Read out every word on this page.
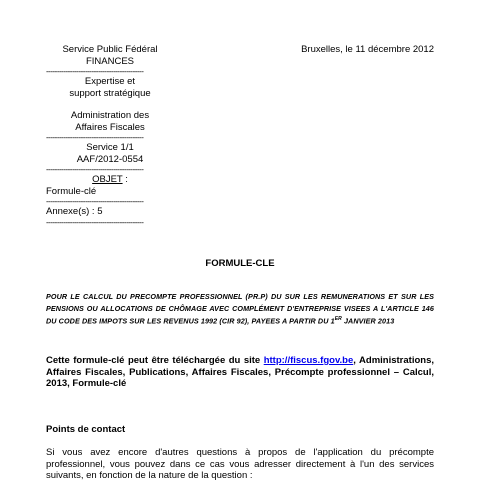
Service Public Fédéral
FINANCES
---------------------------------------------
Expertise et
support stratégique
Administration des
Affaires Fiscales
---------------------------------------------
Service 1/1
AAF/2012-0554
---------------------------------------------
OBJET :
Formule-clé
---------------------------------------------
Annexe(s) : 5
---------------------------------------------
Bruxelles, le 11 décembre 2012
FORMULE-CLE
POUR LE CALCUL DU PRECOMPTE PROFESSIONNEL (PR.P) DU SUR LES REMUNERATIONS ET SUR LES PENSIONS OU ALLOCATIONS DE CHÔMAGE AVEC COMPLÉMENT D'ENTREPRISE VISEES A L'ARTICLE 146 DU CODE DES IMPOTS SUR LES REVENUS 1992 (CIR 92), PAYEES A PARTIR DU 1ER JANVIER 2013
Cette formule-clé peut être téléchargée du site http://fiscus.fgov.be, Administrations, Affaires Fiscales, Publications, Affaires Fiscales, Précompte professionnel – Calcul, 2013, Formule-clé
Points de contact
Si vous avez encore d'autres questions à propos de l'application du précompte professionnel, vous pouvez dans ce cas vous adresser directement à l'un des services suivants, en fonction de la nature de la question :
